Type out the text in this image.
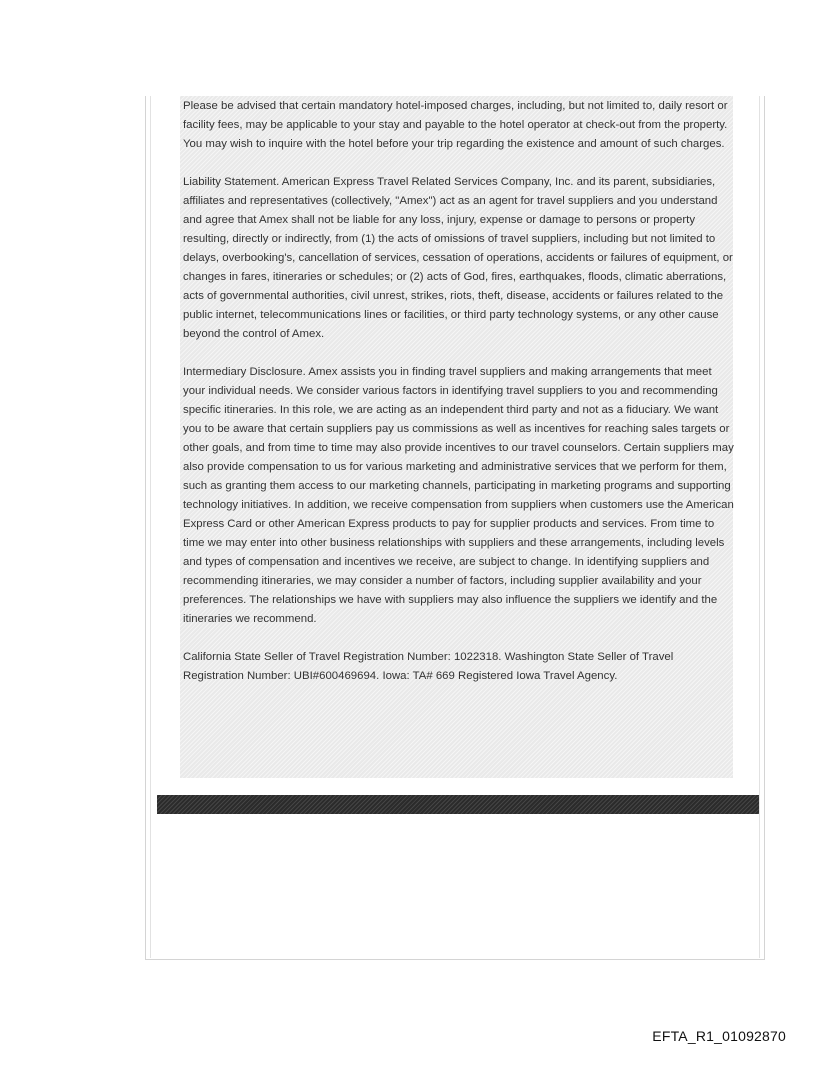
Please be advised that certain mandatory hotel-imposed charges, including, but not limited to, daily resort or facility fees, may be applicable to your stay and payable to the hotel operator at check-out from the property. You may wish to inquire with the hotel before your trip regarding the existence and amount of such charges.

Liability Statement. American Express Travel Related Services Company, Inc. and its parent, subsidiaries, affiliates and representatives (collectively, "Amex") act as an agent for travel suppliers and you understand and agree that Amex shall not be liable for any loss, injury, expense or damage to persons or property resulting, directly or indirectly, from (1) the acts of omissions of travel suppliers, including but not limited to delays, overbooking's, cancellation of services, cessation of operations, accidents or failures of equipment, or changes in fares, itineraries or schedules; or (2) acts of God, fires, earthquakes, floods, climatic aberrations, acts of governmental authorities, civil unrest, strikes, riots, theft, disease, accidents or failures related to the public internet, telecommunications lines or facilities, or third party technology systems, or any other cause beyond the control of Amex.

Intermediary Disclosure. Amex assists you in finding travel suppliers and making arrangements that meet your individual needs. We consider various factors in identifying travel suppliers to you and recommending specific itineraries. In this role, we are acting as an independent third party and not as a fiduciary. We want you to be aware that certain suppliers pay us commissions as well as incentives for reaching sales targets or other goals, and from time to time may also provide incentives to our travel counselors. Certain suppliers may also provide compensation to us for various marketing and administrative services that we perform for them, such as granting them access to our marketing channels, participating in marketing programs and supporting technology initiatives. In addition, we receive compensation from suppliers when customers use the American Express Card or other American Express products to pay for supplier products and services. From time to time we may enter into other business relationships with suppliers and these arrangements, including levels and types of compensation and incentives we receive, are subject to change. In identifying suppliers and recommending itineraries, we may consider a number of factors, including supplier availability and your preferences. The relationships we have with suppliers may also influence the suppliers we identify and the itineraries we recommend.

California State Seller of Travel Registration Number: 1022318. Washington State Seller of Travel Registration Number: UBI#600469694. Iowa: TA# 669 Registered Iowa Travel Agency.

EFTA_R1_01092870
